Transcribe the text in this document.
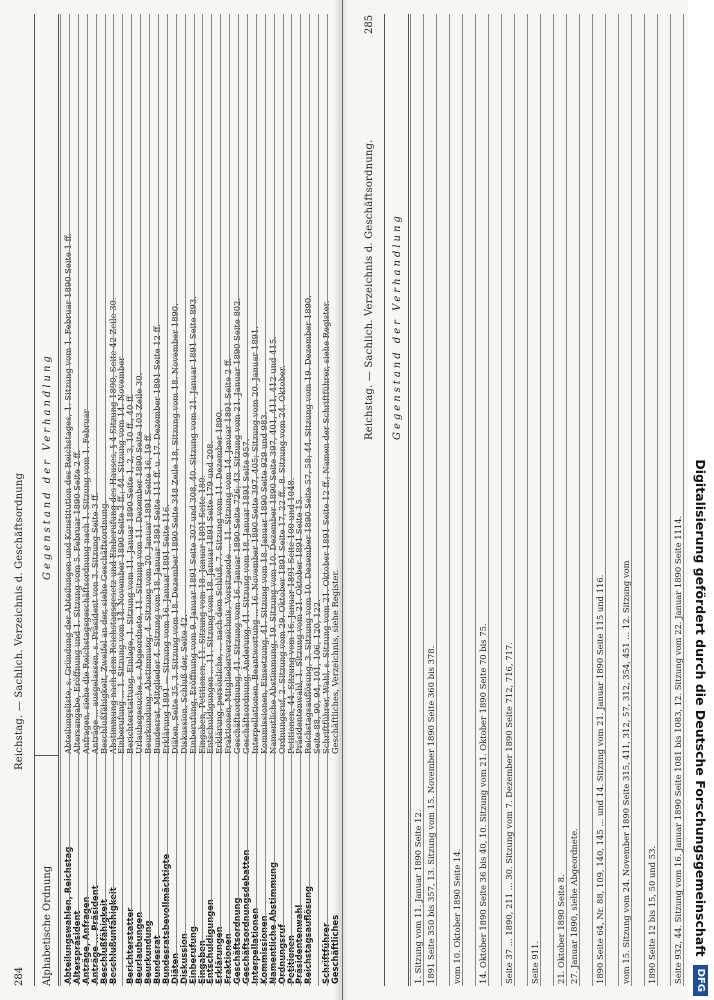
284
Reichstag. — Sachlich. Verzeichnis d. Geschäftsordnung
Alphabetische Ordnung
Gegenstand der Verhandlung
Abteilungswahlen, Reichstag
Abteilungsliste, s. Gründung der Abteilungen und Konstitution des Reichstages, 1. Sitzung vom 1. Februar 1890 Seite 1 ff.
Alterspräsident
Altersangabe, Eröffnung und 1. Sitzung vom 5. Februar 1890 Seite 2 ff.
Anträge, Anfragen
Anfragen, siehe die Reichstagsgeschäftsordnung nach 1. Sitzung vom 1. Februar
Anträge ... Präsident
Anträge ... ausgelassen, s. Präsident von 3. Sitzung Seite 3 ff.
Beschlußfähigkeit
Beschlußfähigkeit, Zweifel an der, siehe Geschäftsordnung.
Beschlußunfähigkeit
Abstimmung nach dem Reichstagsgesetz und Einberufung des Hauses, § 4 Sitzung 1890, Seite 42 Zeile 30.
Einberufung ... 1. Sitzung vom 14. November 1890 Seite 3 ff.; 44. Sitzung vom 14. November
Berichterstatter
Berichterstattung, Einlage, 1. Sitzung vom 11. Januar 1890 Seite 1, 2, 3, 10 ff., 40 ff.
Beurlaubungen
Urlaubsgesuche, s. Abgeordnete, 11. Sitzung vom 11. Dezember 1890 Seite 103 Zeile 30.
Beurkundung
Beurkundung, Abstimmung, 4. Sitzung vom 20. Januar 1891 Seite 16, 19 ff.
Bundesrat
Bundesrat, Mitglieder 4. Sitzung vom 18. Januar 1891 Seite 111 ff. u. 17. Dezember 1891 Seite 12 ff.
Bundesratsbevollmächtigte
Erklärung 1891 — Sitzung vom 16. Januar 1891 Seite 116.
Diäten
Diäten, Seite 35, 3. Sitzung vom 18. Dezember 1890 Seite 348 Zeile 18, Sitzung vom 18. November 1890.
Diskussion
Diskussion, Schluß der, Seite 42.
Einberufung
Einberufung, Eröffnung vom 9. Januar 1891 Seite 307 und 308, 40. Sitzung vom 21. Januar 1891 Seite 893.
Eingaben
Eingaben, Petitionen, 11. Sitzung vom 18. Januar 1891 Seite 180.
Entschuldigungen
Entschuldigungen ... 11. Sitzung vom 18. Januar 1891 Seite 179 und 208.
Erklärungen
Erklärung, persönliche, ... nach dem Schluß, 7. Sitzung vom 11. Dezember 1890.
Fraktionen
Fraktionen, Mitgliederverzeichnis, Vorsitzende ... 11. Sitzung vom 14. Januar 1891 Seite 2 ff.
Geschäftsordnung
Geschäftsordnung, 41. Sitzung vom 16. Januar 1890 Seite 726; 43. Sitzung vom 21. Januar 1890 Seite 802.
Geschäftsordnungsdebatten
Geschäftsordnung, Änderung, 41. Sitzung vom 18. Januar 1891 Seite 957.
Interpellationen
Interpellationen, Beantwortung ... 16. November 1890 Seite 397, 405; Sitzung vom 20. Januar 1891.
Kommissionen
Kommissionen, Einsetzung, 41. Sitzung vom 18. Januar 1890 Seite 929 und 983.
Namentliche Abstimmung
Namentliche Abstimmung, 19. Sitzung vom 10. Dezember 1890 Seite 397, 401, 411, 412 und 415.
Ordnungsruf
Ordnungsruf, 2. Sitzung vom 29. Oktober 1891 Seite 17, 22 ff., 8. Sitzung vom 24. Oktober.
Petitionen
Petitionen, 44. Sitzung vom 16. Januar 1891 Seite 100 und 1048.
Präsidentenwahl
Präsidentenwahl, 1. Sitzung vom 21. Oktober 1891 Seite 15.
Reichstagsauflösung
Reichstagsauflösung, 3. Sitzung vom 10. Dezember 1890 Seite 57, 58; 44. Sitzung vom 19. Dezember 1890.
Seite 88, 90, 94, 101, 106, 120, 122.
Schriftführer
Schriftführer, Wahl, s. Sitzung vom 21. Oktober 1891 Seite 12 ff.; Namen der Schriftführer, siehe Register.
Geschäftliches
Geschäftliches, Verzeichnis, siehe Register.
Reichstag. — Sachlich. Verzeichnis d. Geschäftsordnung.
285
Gegenstand der Verhandlung
1. Sitzung vom 11. Januar 1890 Seite 12. 1891 Seite 350 bis 357, 13. Sitzung vom 15. November 1890 Seite 360 bis 378. vom 10. Oktober 1890 Seite 14. 14. Oktober 1890 Seite 36 bis 40, 10. Sitzung vom 21. Oktober 1890 Seite 70 bis 75. Seite 37 ... 1890, 211 ... 30. Sitzung vom 7. Dezember 1890 Seite 712, 716, 717. Seite 911. 21. Oktober 1890 Seite 8. 27. Januar 1890, siehe Abgeordnete. 1890 Seite 64, Nr. 88, 109, 140, 145 ... und 14. Sitzung vom 21. Januar 1890 Seite 115 und 116. vom 15. Sitzung vom 24. November 1890 Seite 315, 411, 312, 57, 312, 354, 451 ... 12. Sitzung vom 1890 Seite 12 bis 15, 50 und 53. Seite 932, 44. Sitzung vom 16. Januar 1890 Seite 1081 bis 1083, 12. Sitzung vom 22. Januar 1890 Seite 1114. Digitalisierung gefördert durch die Deutsche Forschungsgemeinschaft
DFG
